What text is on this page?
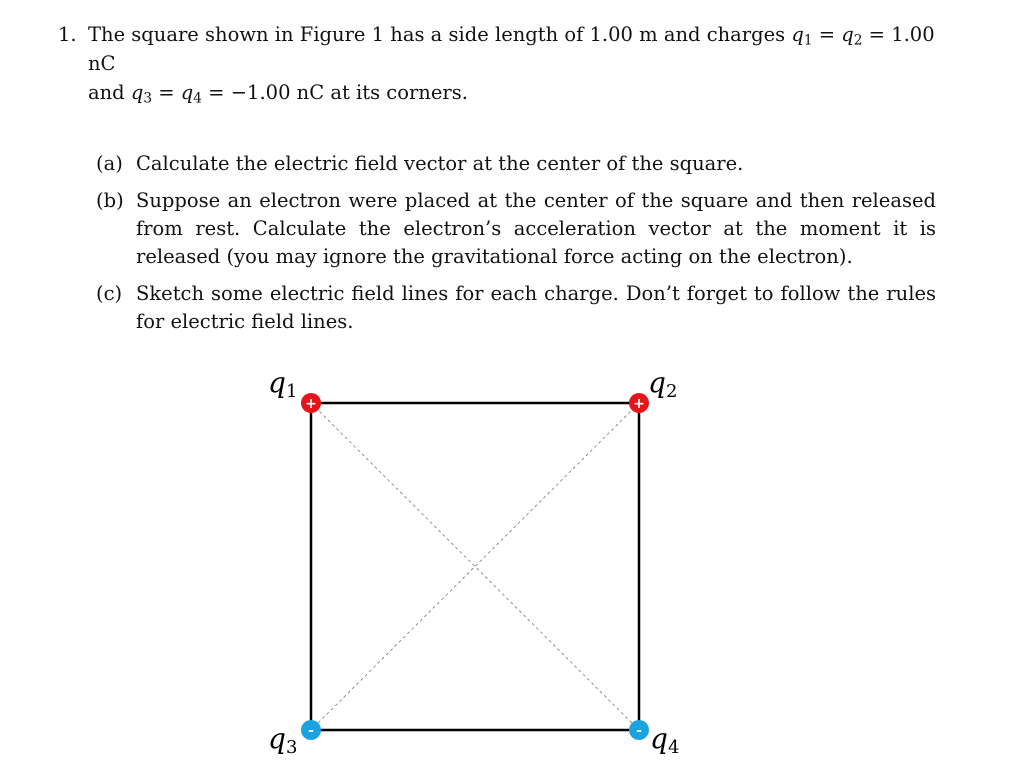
1. The square shown in Figure 1 has a side length of 1.00 m and charges $q_1 = q_2 = 1.00$ nC
and $q_3 = q_4 = -1.00$ nC at its corners.
(a) Calculate the electric field vector at the center of the square.
(b) Suppose an electron were placed at the center of the square and then released from rest. Calculate the electron’s acceleration vector at the moment it is released (you may ignore the gravitational force acting on the electron).
(c) Sketch some electric field lines for each charge. Don’t forget to follow the rules for electric field lines.
+	+
-	-
q1	q2
q3	q4
